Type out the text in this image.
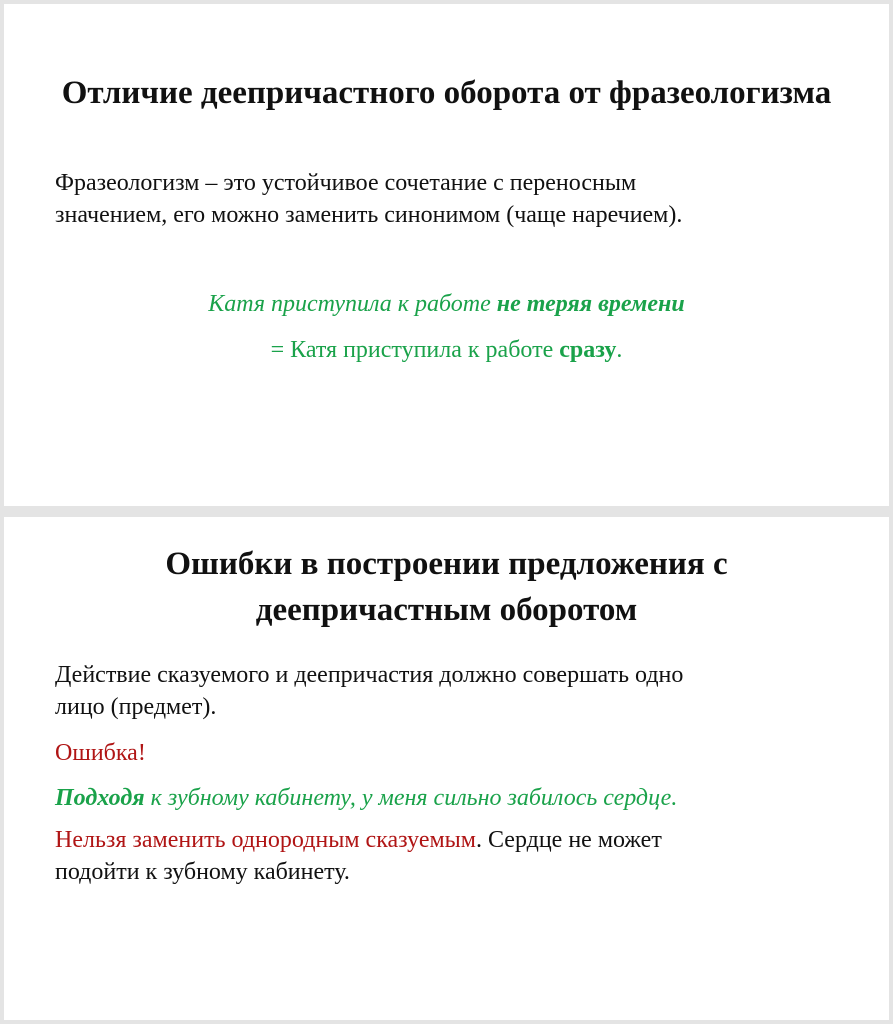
Отличие деепричастного оборота от фразеологизма
Фразеологизм – это устойчивое сочетание с переносным
значением, его можно заменить синонимом (чаще наречием).
Катя приступила к работе не теряя времени
= Катя приступила к работе сразу.
Ошибки в построении предложения с
деепричастным оборотом
Действие сказуемого и деепричастия должно совершать одно
лицо (предмет).
Ошибка!
Подходя к зубному кабинету, у меня сильно забилось сердце.
Нельзя заменить однородным сказуемым. Сердце не может
подойти к зубному кабинету.
